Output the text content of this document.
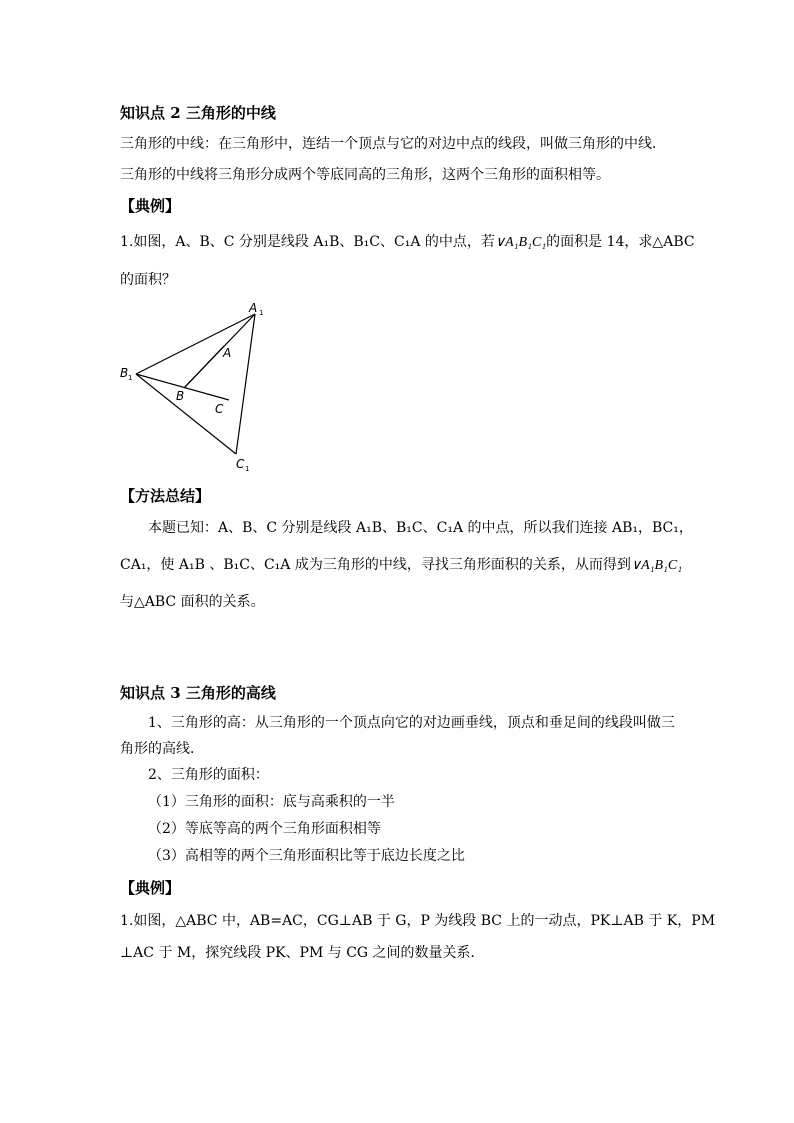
知识点 2 三角形的中线
三角形的中线：在三角形中，连结一个顶点与它的对边中点的线段，叫做三角形的中线．
三角形的中线将三角形分成两个等底同高的三角形，这两个三角形的面积相等。
【典例】
1.如图，A、B、C 分别是线段 A₁B、B₁C、C₁A 的中点，若∨A₁B₁C₁的面积是 14，求△ABC
的面积？
A 1
B 1
C 1
A
B
C
【方法总结】
本题已知：A、B、C 分别是线段 A₁B、B₁C、C₁A 的中点，所以我们连接 AB₁，BC₁，
CA₁，使 A₁B 、B₁C、C₁A 成为三角形的中线，寻找三角形面积的关系，从而得到∨A₁B₁C₁
与△ABC 面积的关系。
知识点 3 三角形的高线
1、三角形的高：从三角形的一个顶点向它的对边画垂线，顶点和垂足间的线段叫做三
角形的高线．
2、三角形的面积：
（1）三角形的面积：底与高乘积的一半
（2）等底等高的两个三角形面积相等
（3）高相等的两个三角形面积比等于底边长度之比
【典例】
1.如图，△ABC 中，AB=AC，CG⊥AB 于 G，P 为线段 BC 上的一动点，PK⊥AB 于 K，PM
⊥AC 于 M，探究线段 PK、PM 与 CG 之间的数量关系．
